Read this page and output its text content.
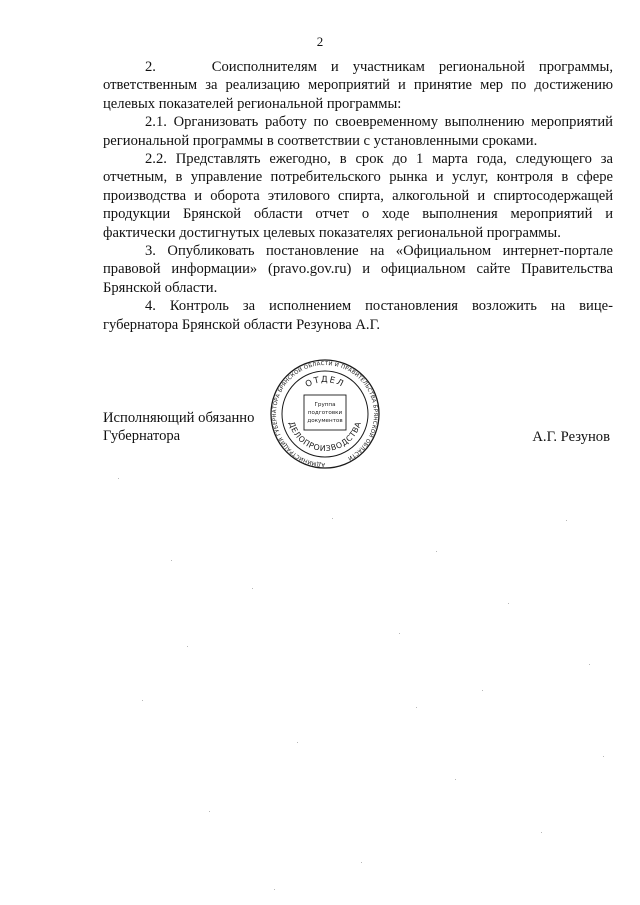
2

2.    Соисполнителям и участникам региональной программы, ответственным за реализацию мероприятий и принятие мер по достижению целевых показателей региональной программы:

2.1. Организовать работу по своевременному выполнению мероприятий региональной программы в соответствии с установленными сроками.

2.2. Представлять ежегодно, в срок до 1 марта года, следующего за отчетным, в управление потребительского рынка и услуг, контроля в сфере производства и оборота этилового спирта, алкогольной и спиртосодержащей продукции Брянской области отчет о ходе выполнения мероприятий и фактически достигнутых целевых показателях региональной программы.

3. Опубликовать постановление на «Официальном интернет-портале правовой информации» (pravo.gov.ru) и официальном сайте Правительства Брянской области.

4. Контроль за исполнением постановления возложить на вице-губернатора Брянской области Резунова А.Г.

Исполняющий обязанно
Губернатора	А.Г. Резунов
АДМИНИСТРАЦИЯ ГУБЕРНАТОРА БРЯНСКОЙ ОБЛАСТИ И ПРАВИТЕЛЬСТВА БРЯНСКОЙ ОБЛАСТИ
ОТДЕЛ
ДЕЛОПРОИЗВОДСТВА
Группа
подготовки
документов
